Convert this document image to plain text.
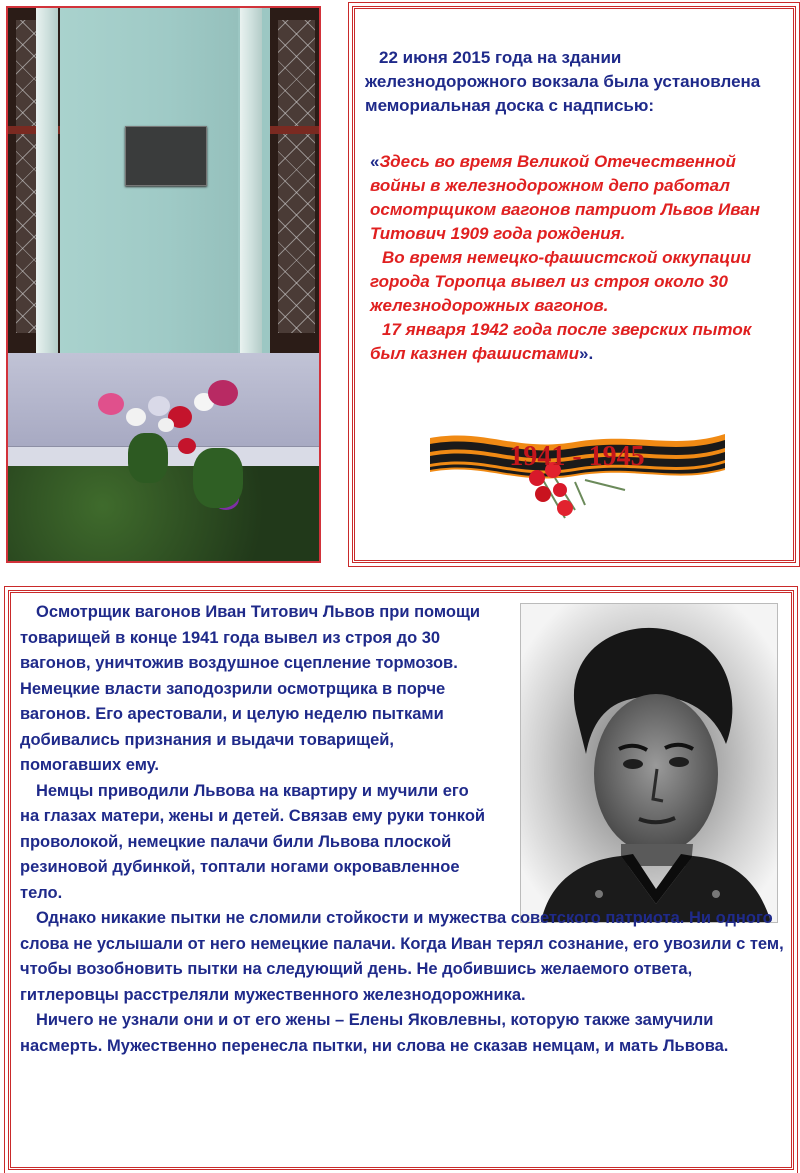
22 июня 2015 года на здании железнодорожного вокзала была установлена мемориальная доска с надписью:

«Здесь во время Великой Отечественной войны в железнодорожном депо работал осмотрщиком вагонов патриот Львов Иван Титович 1909 года рождения.
Во время немецко-фашистской оккупации города Торопца вывел из строя около 30 железнодорожных вагонов.
17 января 1942 года после зверских пыток был казнен фашистами».

1941 - 1945
Осмотрщик вагонов Иван Титович Львов при помощи товарищей в конце 1941 года вывел из строя до 30 вагонов, уничтожив воздушное сцепление тормозов. Немецкие власти заподозрили осмотрщика в порче вагонов. Его арестовали, и целую неделю пытками добивались признания и выдачи товарищей, помогавших ему.
Немцы приводили Львова на квартиру и мучили его на глазах матери, жены и детей. Связав ему руки тонкой проволокой, немецкие палачи били Львова плоской резиновой дубинкой, топтали ногами окровавленное тело.
Однако никакие пытки не сломили стойкости и мужества советского патриота. Ни одного слова не услышали от него немецкие палачи. Когда Иван терял сознание, его увозили с тем, чтобы возобновить пытки на следующий день. Не добившись желаемого ответа, гитлеровцы расстреляли мужественного железнодорожника.
Ничего не узнали они и от его жены – Елены Яковлевны, которую также замучили насмерть. Мужественно перенесла пытки, ни слова не сказав немцам, и мать Львова.
